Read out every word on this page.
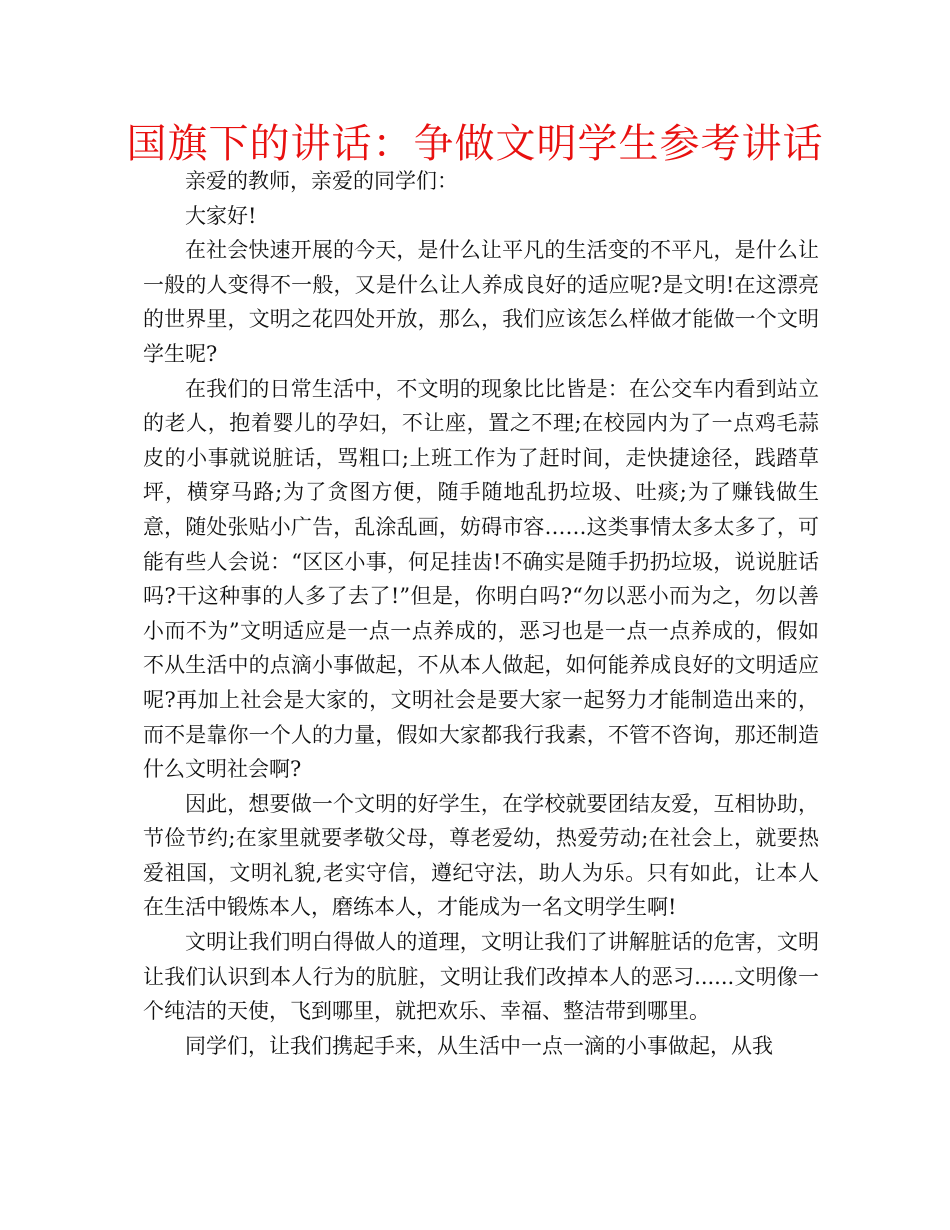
国旗下的讲话：争做文明学生参考讲话

亲爱的教师，亲爱的同学们：

大家好!

在社会快速开展的今天，是什么让平凡的生活变的不平凡，是什么让一般的人变得不一般，又是什么让人养成良好的适应呢?是文明!在这漂亮的世界里，文明之花四处开放，那么，我们应该怎么样做才能做一个文明学生呢?

在我们的日常生活中，不文明的现象比比皆是：在公交车内看到站立的老人，抱着婴儿的孕妇，不让座，置之不理;在校园内为了一点鸡毛蒜皮的小事就说脏话，骂粗口;上班工作为了赶时间，走快捷途径，践踏草坪，横穿马路;为了贪图方便，随手随地乱扔垃圾、吐痰;为了赚钱做生意，随处张贴小广告，乱涂乱画，妨碍市容……这类事情太多太多了，可能有些人会说：“区区小事，何足挂齿!不确实是随手扔扔垃圾，说说脏话吗?干这种事的人多了去了!”但是，你明白吗?“勿以恶小而为之，勿以善小而不为”文明适应是一点一点养成的，恶习也是一点一点养成的，假如不从生活中的点滴小事做起，不从本人做起，如何能养成良好的文明适应呢?再加上社会是大家的，文明社会是要大家一起努力才能制造出来的，而不是靠你一个人的力量，假如大家都我行我素，不管不咨询，那还制造什么文明社会啊?

因此，想要做一个文明的好学生，在学校就要团结友爱，互相协助，节俭节约;在家里就要孝敬父母，尊老爱幼，热爱劳动;在社会上，就要热爱祖国，文明礼貌,老实守信，遵纪守法，助人为乐。只有如此，让本人在生活中锻炼本人，磨练本人，才能成为一名文明学生啊!

文明让我们明白得做人的道理，文明让我们了讲解脏话的危害，文明让我们认识到本人行为的肮脏，文明让我们改掉本人的恶习......文明像一个纯洁的天使，飞到哪里，就把欢乐、幸福、整洁带到哪里。

同学们，让我们携起手来，从生活中一点一滴的小事做起，从我
